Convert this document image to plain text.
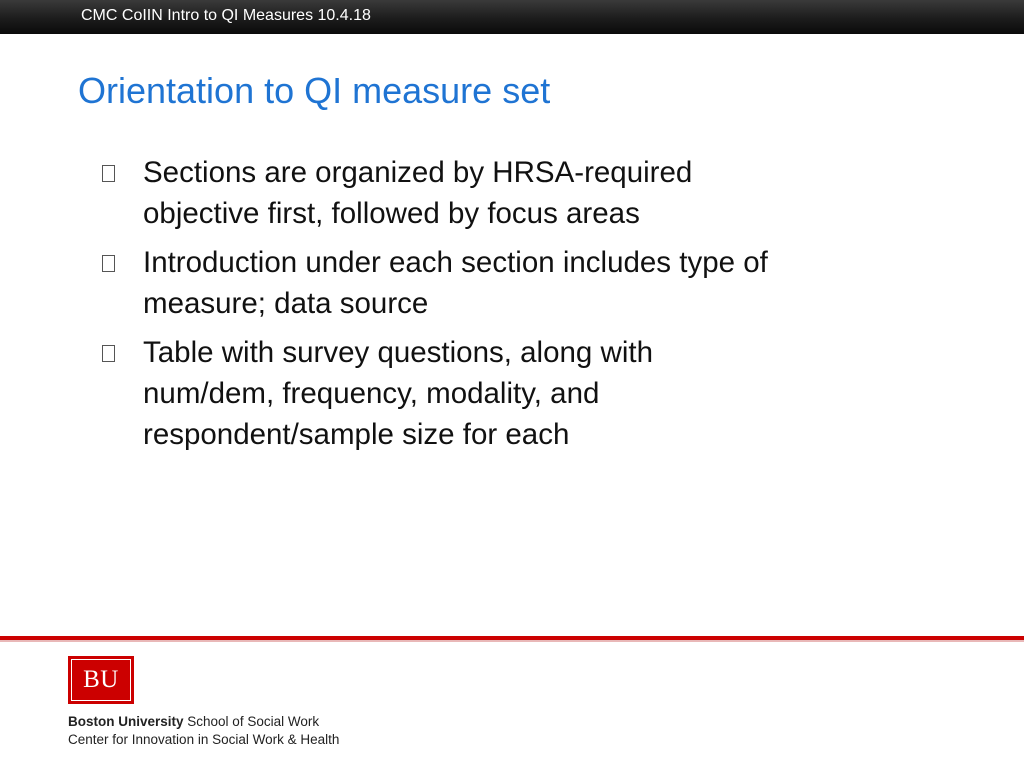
CMC CoIIN Intro to QI Measures 10.4.18
Orientation to QI measure set
Sections are organized by HRSA-required
objective first, followed by focus areas
Introduction under each section includes type of
measure; data source
Table with survey questions, along with
num/dem, frequency, modality, and
respondent/sample size for each
BU
Boston University School of Social Work
Center for Innovation in Social Work & Health
